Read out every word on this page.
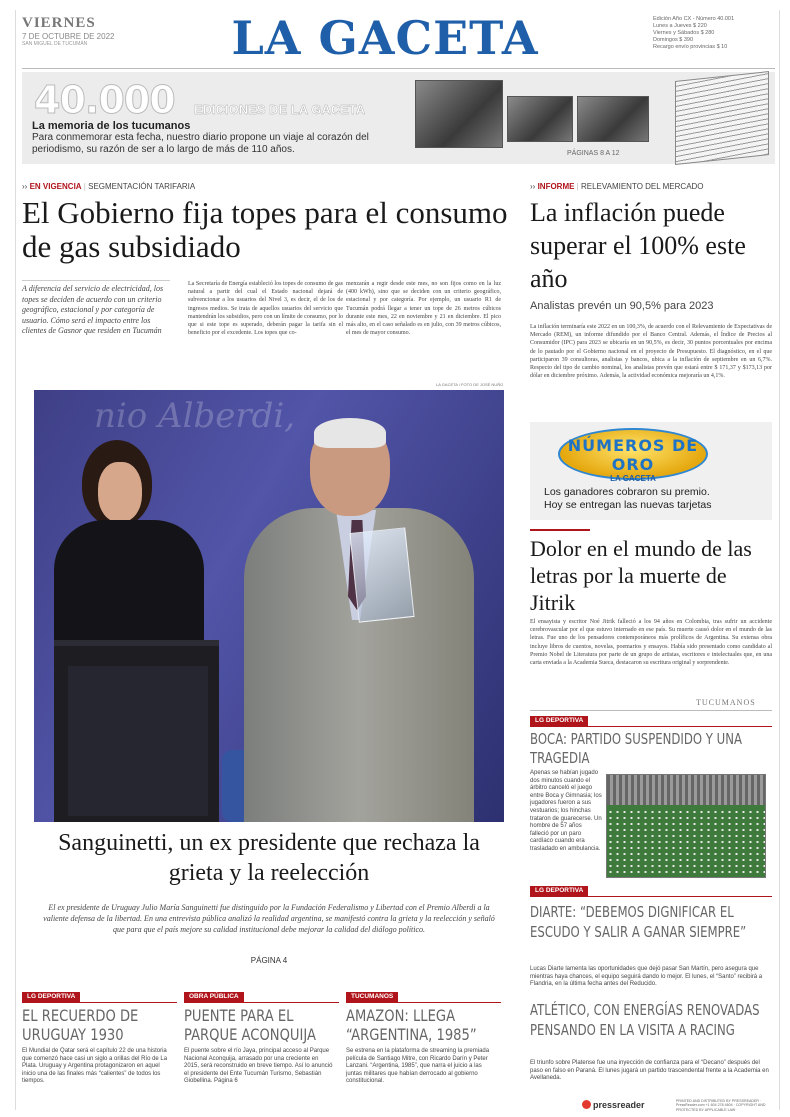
VIERNES
7 DE OCTUBRE DE 2022
SAN MIGUEL DE TUCUMÁN	LA GACETA	Edición Año CX - Número 40.001
Lunes a Jueves $ 220
Viernes y Sábados $ 280
Domingos $ 390
Recargo envío provincias $ 10
40.000 EDICIONES DE LA GACETA
La memoria de los tucumanos
Para conmemorar esta fecha, nuestro diario propone un viaje al corazón del periodismo, su razón de ser a lo largo de más de 110 años.	PÁGINAS 8 A 12
›› EN VIGENCIA | SEGMENTACIÓN TARIFARIA
El Gobierno fija topes para el consumo de gas subsidiado
A diferencia del servicio de electricidad, los topes se deciden de acuerdo con un criterio geográfico, estacional y por categoría de usuario. Cómo será el impacto entre los clientes de Gasnor que residen en Tucumán
La Secretaría de Energía estableció los topes de consumo de gas natural a partir del cual el Estado nacional dejará de subvencionar a los usuarios del Nivel 3, es decir, el de los de ingresos medios. Se trata de aquellos usuarios del servicio que mantendrán los subsidios, pero con un límite de consumo, por lo que si este tope es superado, deberán pagar la tarifa sin el beneficio por el excedente. Los topes que co-
menzarán a regir desde este mes, no son fijos como en la luz (400 kWh), sino que se deciden con un criterio geográfico, estacional y por categoría. Por ejemplo, un usuario R1 de Tucumán podrá llegar a tener un tope de 26 metros cúbicos durante este mes, 22 en noviembre y 21 en diciembre. El pico más alto, en el caso señalado es en julio, con 39 metros cúbicos, el mes de mayor consumo.
LA GACETA / FOTO DE JOSÉ NUÑO
nio Alberdi,
Sanguinetti, un ex presidente que rechaza la grieta y la reelección
El ex presidente de Uruguay Julio María Sanguinetti fue distinguido por la Fundación Federalismo y Libertad con el Premio Alberdi a la valiente defensa de la libertad. En una entrevista pública analizó la realidad argentina, se manifestó contra la grieta y la reelección y señaló que para que el país mejore su calidad institucional debe mejorar la calidad del diálogo político.
PÁGINA 4
›› INFORME | RELEVAMIENTO DEL MERCADO
La inflación puede superar el 100% este año
Analistas prevén un 90,5% para 2023
La inflación terminaría este 2022 en un 100,3%, de acuerdo con el Relevamiento de Expectativas de Mercado (REM), un informe difundido por el Banco Central. Además, el Índice de Precios al Consumidor (IPC) para 2023 se ubicaría en un 90,5%, es decir, 30 puntos porcentuales por encima de lo pautado por el Gobierno nacional en el proyecto de Presupuesto. El diagnóstico, en el que participaron 39 consultoras, analistas y bancos, ubica a la inflación de septiembre en un 6,7%. Respecto del tipo de cambio nominal, los analistas prevén que estará entre $ 171,37 y $173,13 por dólar en diciembre próximo. Además, la actividad económica mejoraría un 4,1%.
NÚMEROS DE ORO
LA GACETA
Los ganadores cobraron su premio.
Hoy se entregan las nuevas tarjetas
Dolor en el mundo de las letras por la muerte de Jitrik
El ensayista y escritor Noé Jitrik falleció a los 94 años en Colombia, tras sufrir un accidente cerebrovascular por el que estuvo internado en ese país. Su muerte causó dolor en el mundo de las letras. Fue uno de los pensadores contemporáneos más prolíficos de Argentina. Su extensa obra incluye libros de cuentos, novelas, poemarios y ensayos. Había sido presentado como candidato al Premio Nobel de Literatura por parte de un grupo de artistas, escritores e intelectuales que, en una carta enviada a la Academia Sueca, destacaron su escritura original y sorprendente.
TUCUMANOS
LG DEPORTIVA
BOCA: PARTIDO SUSPENDIDO Y UNA TRAGEDIA
Apenas se habían jugado dos minutos cuando el árbitro canceló el juego entre Boca y Gimnasia; los jugadores fueron a sus vestuarios; los hinchas trataron de guarecerse. Un hombre de 57 años falleció por un paro cardíaco cuando era trasladado en ambulancia.
LG DEPORTIVA
DIARTE: “DEBEMOS DIGNIFICAR EL ESCUDO Y SALIR A GANAR SIEMPRE”
Lucas Diarte lamenta las oportunidades que dejó pasar San Martín, pero asegura que mientras haya chances, el equipo seguirá dando lo mejor. El lunes, el “Santo” recibirá a Flandria, en la última fecha antes del Reducido.
ATLÉTICO, CON ENERGÍAS RENOVADAS PENSANDO EN LA VISITA A RACING
El triunfo sobre Platense fue una inyección de confianza para el “Decano” después del paso en falso en Paraná. El lunes jugará un partido trascendental frente a la Academia en Avellaneda.
LG DEPORTIVA
EL RECUERDO DE URUGUAY 1930
El Mundial de Qatar será el capítulo 22 de una historia que comenzó hace casi un siglo a orillas del Río de La Plata. Uruguay y Argentina protagonizaron en aquel inicio una de las finales más “calientes” de todos los tiempos.
OBRA PÚBLICA
PUENTE PARA EL PARQUE ACONQUIJA
El puente sobre el río Jaya, principal acceso al Parque Nacional Aconquija, arrasado por una creciente en 2015, será reconstruido en breve tiempo. Así lo anunció el presidente del Ente Tucumán Turismo, Sebastián Giobellina. Página 6
TUCUMANOS
AMAZON: LLEGA “ARGENTINA, 1985”
Se estrena en la plataforma de streaming la premiada película de Santiago Mitre, con Ricardo Darín y Peter Lanzani. “Argentina, 1985”, que narra el juicio a las juntas militares que habían derrocado al gobierno constitucional.
pressreader	PRINTED AND DISTRIBUTED BY PRESSREADER · PressReader.com +1 604 278 4604 · COPYRIGHT AND PROTECTED BY APPLICABLE LAW
